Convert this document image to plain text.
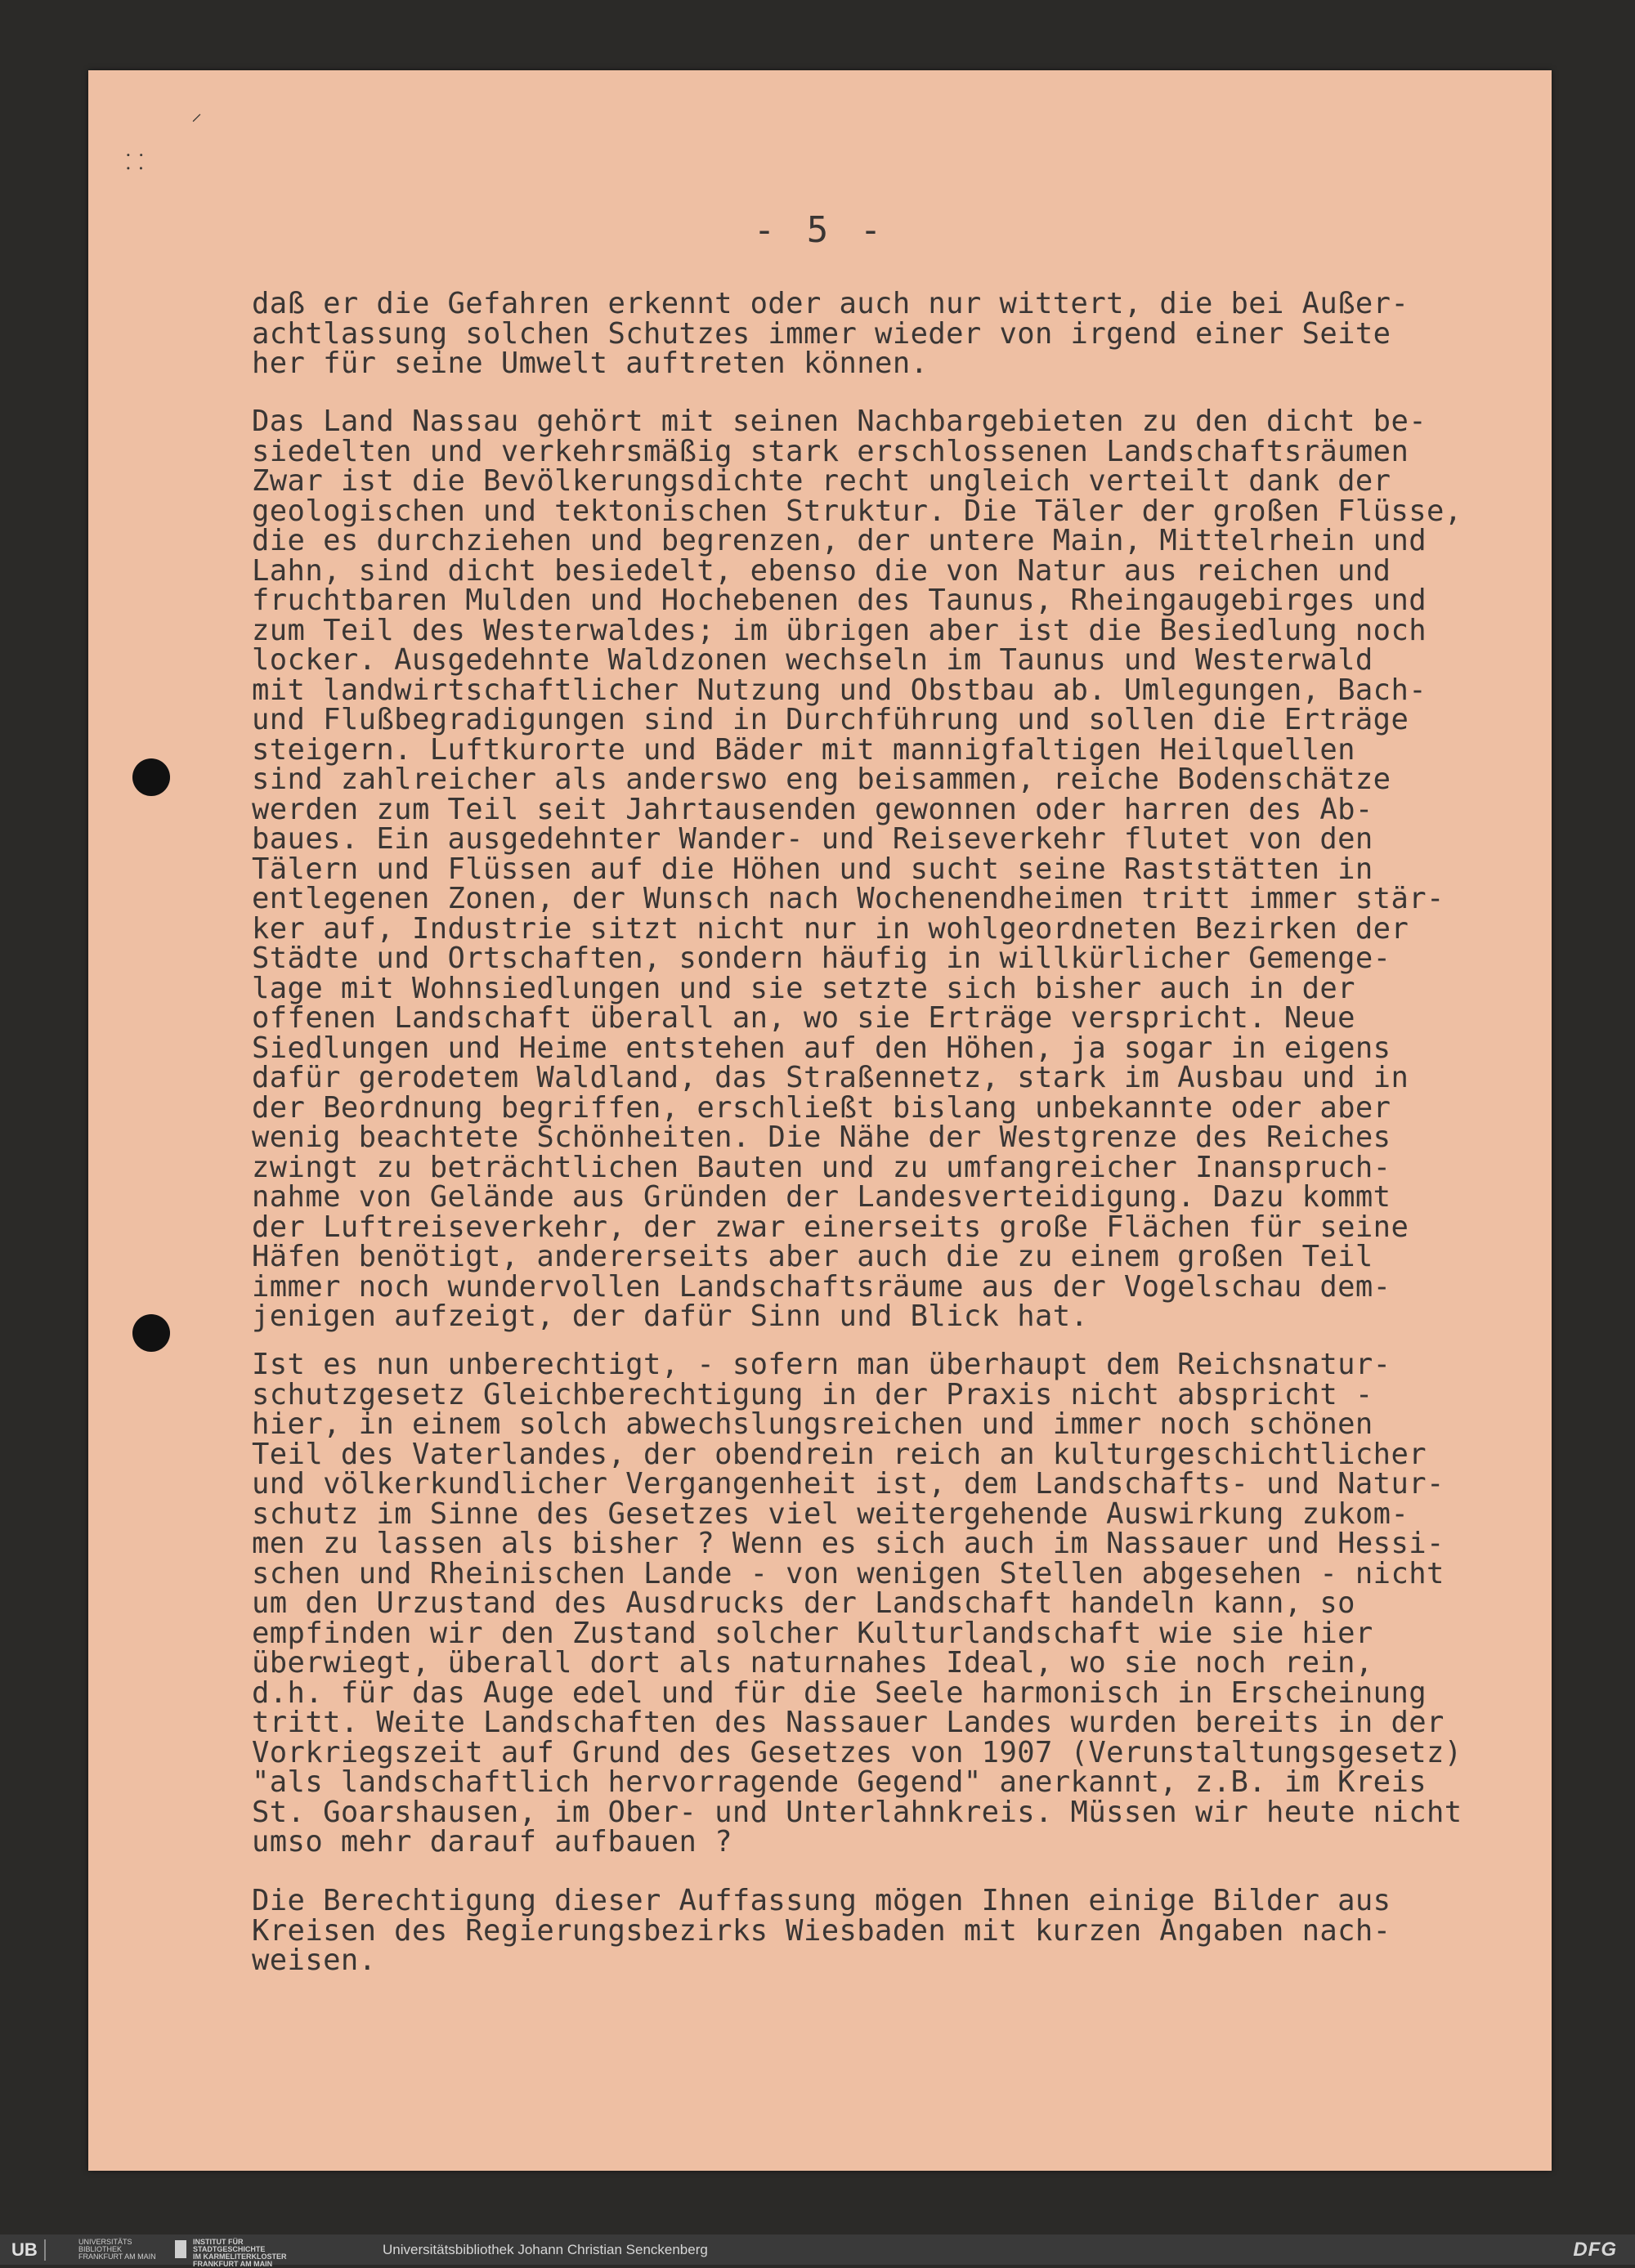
⸝
⸬
- 5 -

daß er die Gefahren erkennt oder auch nur wittert, die bei Außer-
achtlassung solchen Schutzes immer wieder von irgend einer Seite
her für seine Umwelt auftreten können.

Das Land Nassau gehört mit seinen Nachbargebieten zu den dicht be-
siedelten und verkehrsmäßig stark erschlossenen Landschaftsräumen
Zwar ist die Bevölkerungsdichte recht ungleich verteilt dank der
geologischen und tektonischen Struktur. Die Täler der großen Flüsse,
die es durchziehen und begrenzen, der untere Main, Mittelrhein und
Lahn, sind dicht besiedelt, ebenso die von Natur aus reichen und
fruchtbaren Mulden und Hochebenen des Taunus, Rheingaugebirges und
zum Teil des Westerwaldes; im übrigen aber ist die Besiedlung noch
locker. Ausgedehnte Waldzonen wechseln im Taunus und Westerwald
mit landwirtschaftlicher Nutzung und Obstbau ab. Umlegungen, Bach-
und Flußbegradigungen sind in Durchführung und sollen die Erträge
steigern. Luftkurorte und Bäder mit mannigfaltigen Heilquellen
sind zahlreicher als anderswo eng beisammen, reiche Bodenschätze
werden zum Teil seit Jahrtausenden gewonnen oder harren des Ab-
baues. Ein ausgedehnter Wander- und Reiseverkehr flutet von den
Tälern und Flüssen auf die Höhen und sucht seine Raststätten in
entlegenen Zonen, der Wunsch nach Wochenendheimen tritt immer stär-
ker auf, Industrie sitzt nicht nur in wohlgeordneten Bezirken der
Städte und Ortschaften, sondern häufig in willkürlicher Gemenge-
lage mit Wohnsiedlungen und sie setzte sich bisher auch in der
offenen Landschaft überall an, wo sie Erträge verspricht. Neue
Siedlungen und Heime entstehen auf den Höhen, ja sogar in eigens
dafür gerodetem Waldland, das Straßennetz, stark im Ausbau und in
der Beordnung begriffen, erschließt bislang unbekannte oder aber
wenig beachtete Schönheiten. Die Nähe der Westgrenze des Reiches
zwingt zu beträchtlichen Bauten und zu umfangreicher Inanspruch-
nahme von Gelände aus Gründen der Landesverteidigung. Dazu kommt
der Luftreiseverkehr, der zwar einerseits große Flächen für seine
Häfen benötigt, andererseits aber auch die zu einem großen Teil
immer noch wundervollen Landschaftsräume aus der Vogelschau dem-
jenigen aufzeigt, der dafür Sinn und Blick hat.

Ist es nun unberechtigt, - sofern man überhaupt dem Reichsnatur-
schutzgesetz Gleichberechtigung in der Praxis nicht abspricht -
hier, in einem solch abwechslungsreichen und immer noch schönen
Teil des Vaterlandes, der obendrein reich an kulturgeschichtlicher
und völkerkundlicher Vergangenheit ist, dem Landschafts- und Natur-
schutz im Sinne des Gesetzes viel weitergehende Auswirkung zukom-
men zu lassen als bisher ? Wenn es sich auch im Nassauer und Hessi-
schen und Rheinischen Lande - von wenigen Stellen abgesehen - nicht
um den Urzustand des Ausdrucks der Landschaft handeln kann, so
empfinden wir den Zustand solcher Kulturlandschaft wie sie hier
überwiegt, überall dort als naturnahes Ideal, wo sie noch rein,
d.h. für das Auge edel und für die Seele harmonisch in Erscheinung
tritt. Weite Landschaften des Nassauer Landes wurden bereits in der
Vorkriegszeit auf Grund des Gesetzes von 1907 (Verunstaltungsgesetz)
"als landschaftlich hervorragende Gegend" anerkannt, z.B. im Kreis
St. Goarshausen, im Ober- und Unterlahnkreis. Müssen wir heute nicht
umso mehr darauf aufbauen ?

Die Berechtigung dieser Auffassung mögen Ihnen einige Bilder aus
Kreisen des Regierungsbezirks Wiesbaden mit kurzen Angaben nach-
weisen.

UB	UNIVERSITÄTS
BIBLIOTHEK
FRANKFURT AM MAIN
INSTITUT FÜR
STADTGESCHICHTE
IM KARMELITERKLOSTER
FRANKFURT AM MAIN
Universitätsbibliothek Johann Christian Senckenberg	DFG
